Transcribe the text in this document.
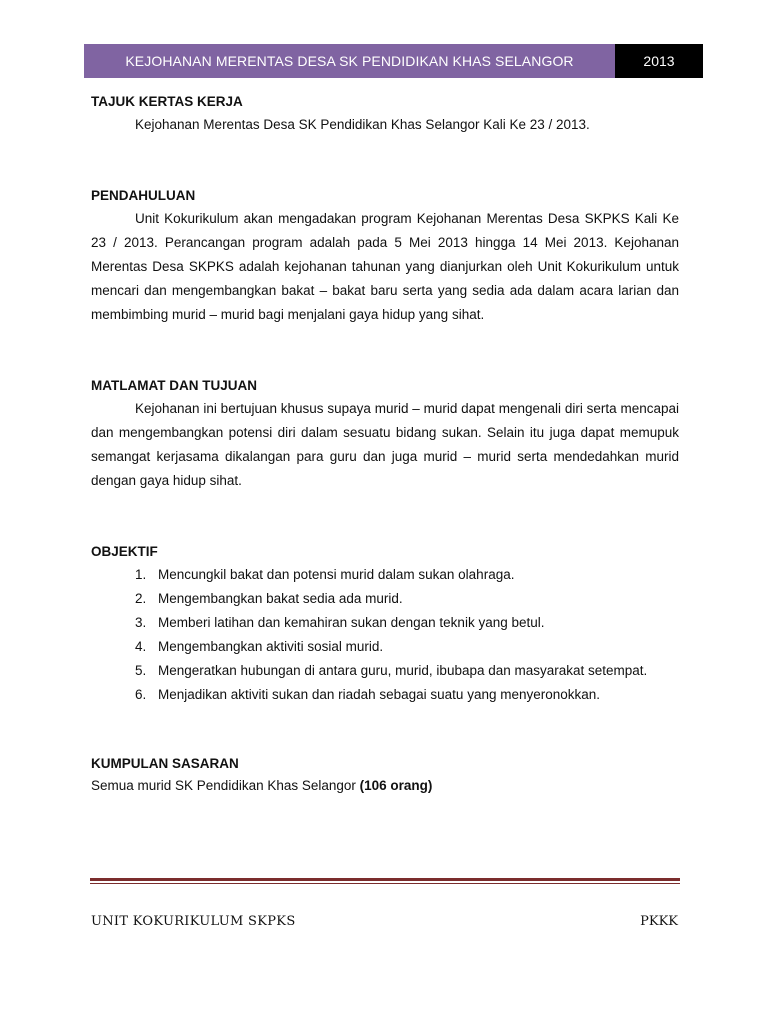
KEJOHANAN MERENTAS DESA SK PENDIDIKAN KHAS SELANGOR	2013

TAJUK KERTAS KERJA

Kejohanan Merentas Desa SK Pendidikan Khas Selangor Kali Ke 23 / 2013.

PENDAHULUAN

Unit Kokurikulum akan mengadakan program Kejohanan Merentas Desa SKPKS Kali Ke 23 / 2013. Perancangan program adalah pada 5 Mei 2013 hingga 14 Mei 2013. Kejohanan Merentas Desa SKPKS adalah kejohanan tahunan yang dianjurkan oleh Unit Kokurikulum untuk mencari dan mengembangkan bakat – bakat baru serta yang sedia ada dalam acara larian dan membimbing murid – murid bagi menjalani gaya hidup yang sihat.

MATLAMAT DAN TUJUAN

Kejohanan ini bertujuan khusus supaya murid – murid dapat mengenali diri serta mencapai dan mengembangkan potensi diri dalam sesuatu bidang sukan. Selain itu juga dapat memupuk semangat kerjasama dikalangan para guru dan juga murid – murid serta mendedahkan murid dengan gaya hidup sihat.

OBJEKTIF

1. Mencungkil bakat dan potensi murid dalam sukan olahraga.
2. Mengembangkan bakat sedia ada murid.
3. Memberi latihan dan kemahiran sukan dengan teknik yang betul.
4. Mengembangkan aktiviti sosial murid.
5. Mengeratkan hubungan di antara guru, murid, ibubapa dan masyarakat setempat.
6. Menjadikan aktiviti sukan dan riadah sebagai suatu yang menyeronokkan.

KUMPULAN SASARAN

Semua murid SK Pendidikan Khas Selangor (106 orang)

UNIT KOKURIKULUM SKPKS	PKKK
